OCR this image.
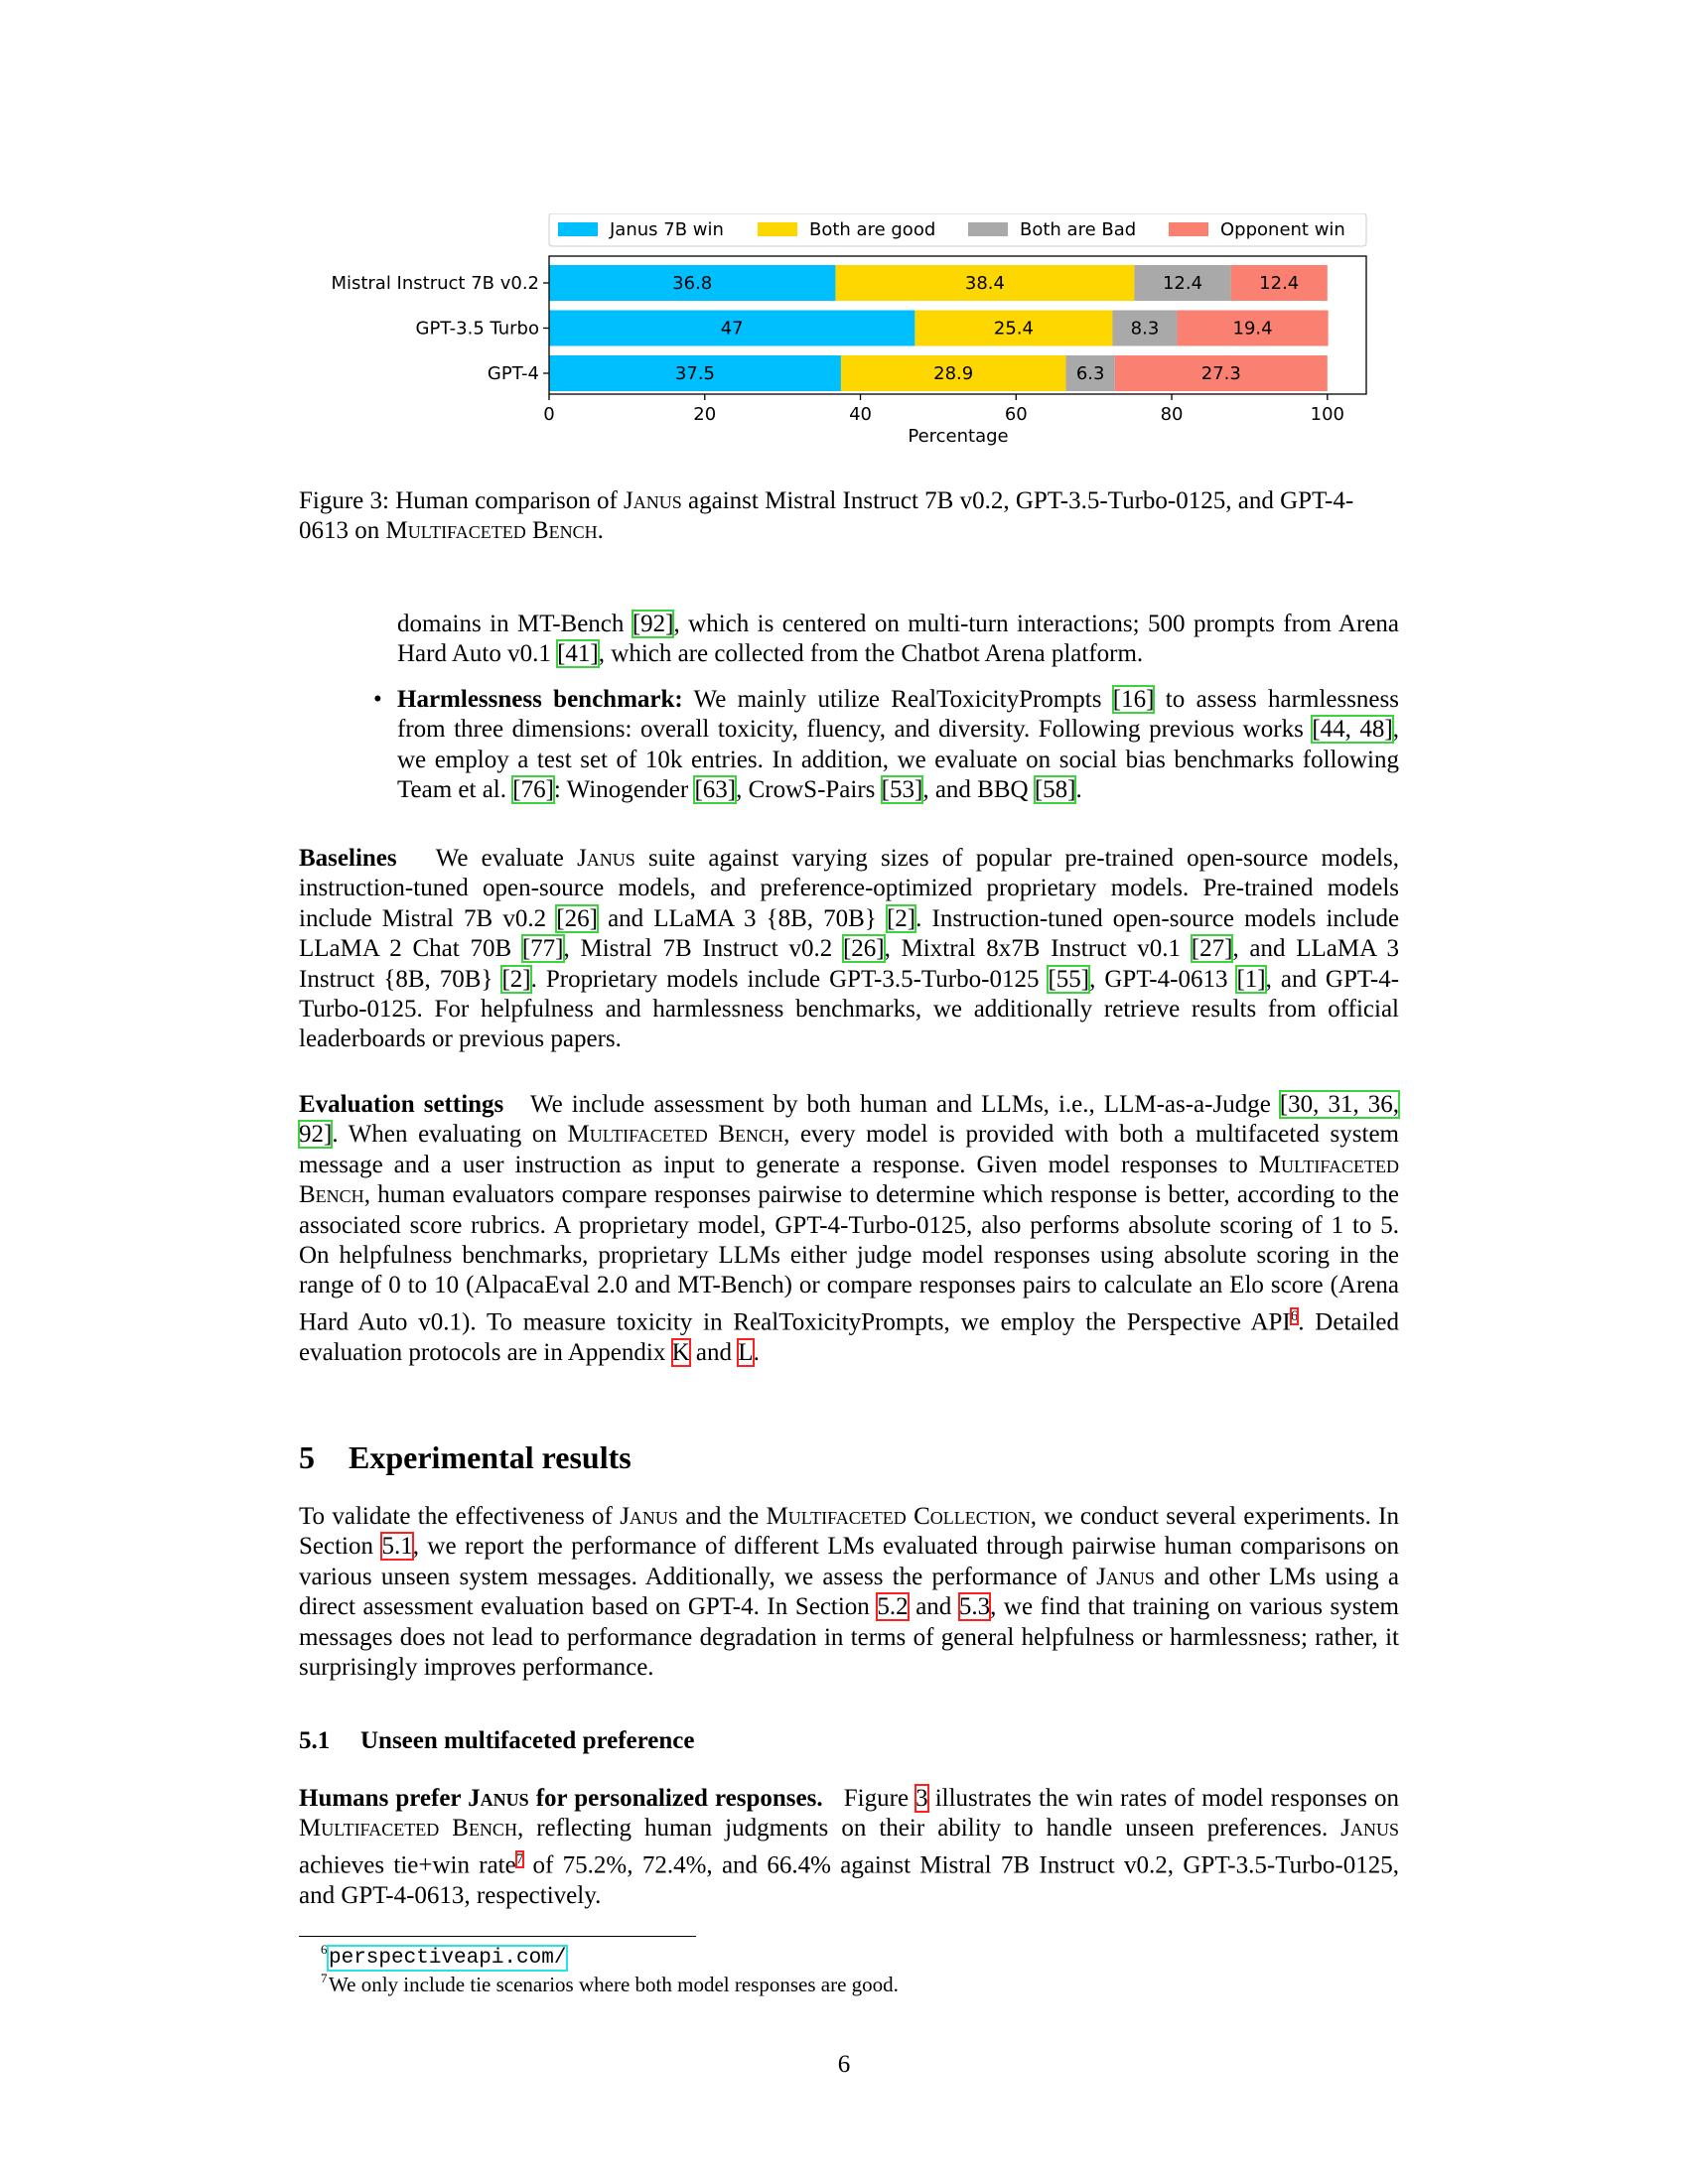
Janus 7B win	Both are good	Both are Bad	Opponent win
36.8	38.4	12.4	12.4
47	25.4	8.3	19.4
37.5	28.9	6.3	27.3
Mistral Instruct 7B v0.2
GPT-3.5 Turbo
GPT-4
0	20	40	60	80	100
Percentage
Figure 3: Human comparison of Janus against Mistral Instruct 7B v0.2, GPT-3.5-Turbo-0125, and GPT-4-0613 on Multifaceted Bench.
domains in MT-Bench [92], which is centered on multi-turn interactions; 500 prompts from Arena Hard Auto v0.1 [41], which are collected from the Chatbot Arena platform.
• Harmlessness benchmark: We mainly utilize RealToxicityPrompts [16] to assess harmlessness from three dimensions: overall toxicity, fluency, and diversity. Following previous works [44, 48], we employ a test set of 10k entries. In addition, we evaluate on social bias benchmarks following Team et al. [76]: Winogender [63], CrowS-Pairs [53], and BBQ [58].
Baselines We evaluate Janus suite against varying sizes of popular pre-trained open-source models, instruction-tuned open-source models, and preference-optimized proprietary models. Pre-trained models include Mistral 7B v0.2 [26] and LLaMA 3 {8B, 70B} [2]. Instruction-tuned open-source models include LLaMA 2 Chat 70B [77], Mistral 7B Instruct v0.2 [26], Mixtral 8x7B Instruct v0.1 [27], and LLaMA 3 Instruct {8B, 70B} [2]. Proprietary models include GPT-3.5-Turbo-0125 [55], GPT-4-0613 [1], and GPT-4-Turbo-0125. For helpfulness and harmlessness benchmarks, we additionally retrieve results from official leaderboards or previous papers.
Evaluation settings We include assessment by both human and LLMs, i.e., LLM-as-a-Judge [30, 31, 36, 92]. When evaluating on Multifaceted Bench, every model is provided with both a multifaceted system message and a user instruction as input to generate a response. Given model responses to Multifaceted Bench, human evaluators compare responses pairwise to determine which response is better, according to the associated score rubrics. A proprietary model, GPT-4-Turbo-0125, also performs absolute scoring of 1 to 5. On helpfulness benchmarks, proprietary LLMs either judge model responses using absolute scoring in the range of 0 to 10 (AlpacaEval 2.0 and MT-Bench) or compare responses pairs to calculate an Elo score (Arena Hard Auto v0.1). To measure toxicity in RealToxicityPrompts, we employ the Perspective API$^6$. Detailed evaluation protocols are in Appendix K and L.
5 Experimental results
To validate the effectiveness of Janus and the Multifaceted Collection, we conduct several experiments. In Section 5.1, we report the performance of different LMs evaluated through pairwise human comparisons on various unseen system messages. Additionally, we assess the performance of Janus and other LMs using a direct assessment evaluation based on GPT-4. In Section 5.2 and 5.3, we find that training on various system messages does not lead to performance degradation in terms of general helpfulness or harmlessness; rather, it surprisingly improves performance.
5.1 Unseen multifaceted preference
Humans prefer Janus for personalized responses. Figure 3 illustrates the win rates of model responses on Multifaceted Bench, reflecting human judgments on their ability to handle unseen preferences. Janus achieves tie+win rate$^7$ of 75.2%, 72.4%, and 66.4% against Mistral 7B Instruct v0.2, GPT-3.5-Turbo-0125, and GPT-4-0613, respectively.
6 perspectiveapi.com/
7 We only include tie scenarios where both model responses are good.
6
